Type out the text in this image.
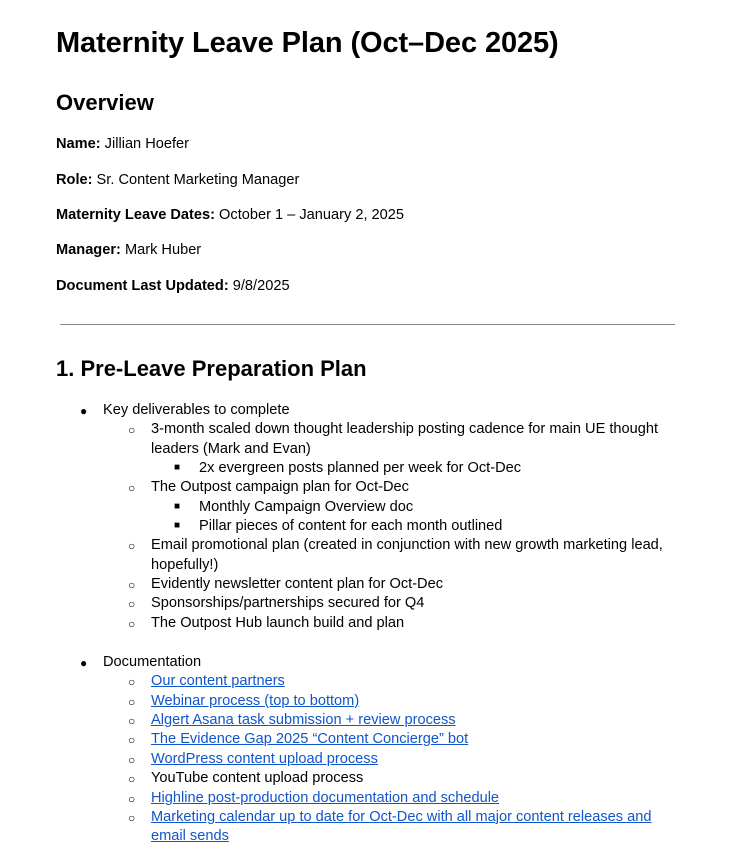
Maternity Leave Plan (Oct–Dec 2025)
Overview

Name: Jillian Hoefer

Role: Sr. Content Marketing Manager

Maternity Leave Dates: October 1 – January 2, 2025

Manager: Mark Huber

Document Last Updated: 9/8/2025

1. Pre-Leave Preparation Plan
● Key deliverables to complete
○ 3-month scaled down thought leadership posting cadence for main UE thought
leaders (Mark and Evan)
■ 2x evergreen posts planned per week for Oct-Dec
○ The Outpost campaign plan for Oct-Dec
■ Monthly Campaign Overview doc
■ Pillar pieces of content for each month outlined
○ Email promotional plan (created in conjunction with new growth marketing lead,
hopefully!)
○ Evidently newsletter content plan for Oct-Dec
○ Sponsorships/partnerships secured for Q4
○ The Outpost Hub launch build and plan
● Documentation
○ Our content partners
○ Webinar process (top to bottom)
○ Algert Asana task submission + review process
○ The Evidence Gap 2025 “Content Concierge” bot
○ WordPress content upload process
○ YouTube content upload process
○ Highline post-production documentation and schedule
○ Marketing calendar up to date for Oct-Dec with all major content releases and
email sends
